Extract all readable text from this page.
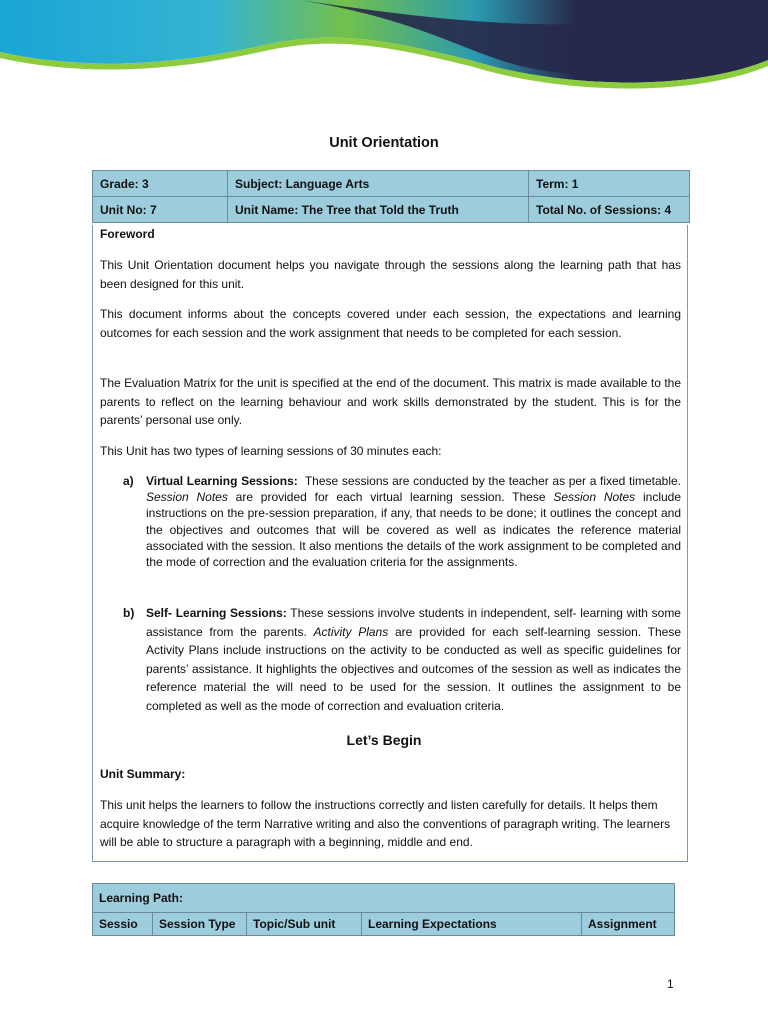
Unit Orientation
Grade: 3	Subject: Language Arts	Term: 1
Unit No: 7	Unit Name: The Tree that Told the Truth	Total No. of Sessions: 4
Foreword
This Unit Orientation document helps you navigate through the sessions along the learning path that has been designed for this unit.
This document informs about the concepts covered under each session, the expectations and learning outcomes for each session and the work assignment that needs to be completed for each session.
The Evaluation Matrix for the unit is specified at the end of the document. This matrix is made available to the parents to reflect on the learning behaviour and work skills demonstrated by the student. This is for the parents’ personal use only.
This Unit has two types of learning sessions of 30 minutes each:
a) Virtual Learning Sessions: These sessions are conducted by the teacher as per a fixed timetable. Session Notes are provided for each virtual learning session. These Session Notes include instructions on the pre-session preparation, if any, that needs to be done; it outlines the concept and the objectives and outcomes that will be covered as well as indicates the reference material associated with the session. It also mentions the details of the work assignment to be completed and the mode of correction and the evaluation criteria for the assignments.
b) Self- Learning Sessions: These sessions involve students in independent, self- learning with some assistance from the parents. Activity Plans are provided for each self-learning session. These Activity Plans include instructions on the activity to be conducted as well as specific guidelines for parents’ assistance. It highlights the objectives and outcomes of the session as well as indicates the reference material the will need to be used for the session. It outlines the assignment to be completed as well as the mode of correction and evaluation criteria.
Let’s Begin
Unit Summary:
This unit helps the learners to follow the instructions correctly and listen carefully for details. It helps them acquire knowledge of the term Narrative writing and also the conventions of paragraph writing. The learners will be able to structure a paragraph with a beginning, middle and end.
Learning Path:
Sessio	Session Type	Topic/Sub unit	Learning Expectations	Assignment
1
